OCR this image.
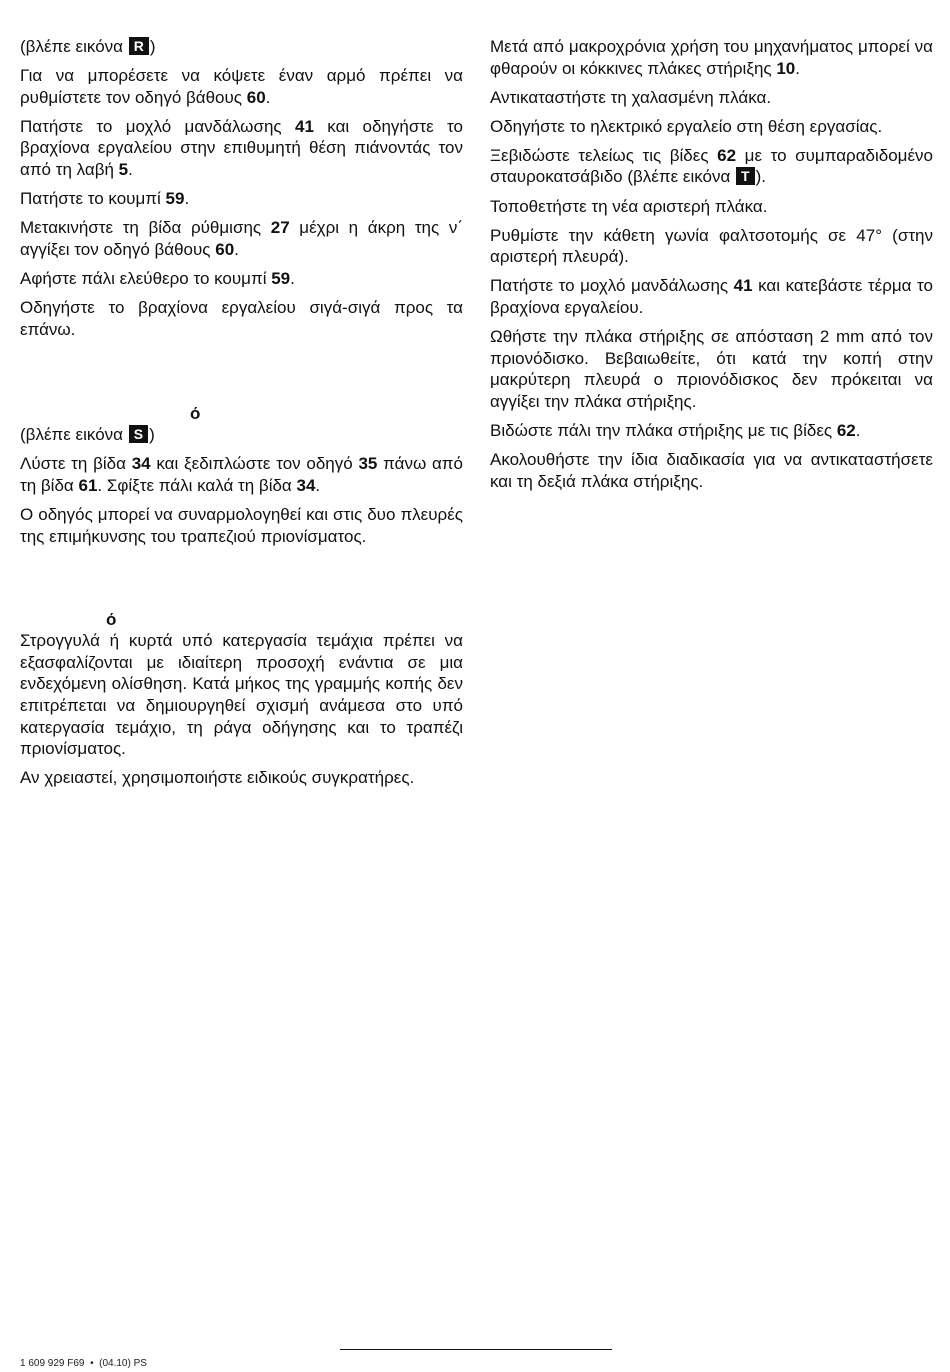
(βλέπε εικόνα R )

Για να μπορέσετε να κόψετε έναν αρμό πρέπει να ρυθμίστετε τον οδηγό βάθους 60.

Πατήστε το μοχλό μανδάλωσης 41 και οδηγήστε το βραχίονα εργαλείου στην επιθυμητή θέση πιάνοντάς τον από τη λαβή 5.

Πατήστε το κουμπί 59.

Μετακινήστε τη βίδα ρύθμισης 27 μέχρι η άκρη της ν΄ αγγίξει τον οδηγό βάθους 60.

Αφήστε πάλι ελεύθερο το κουμπί 59.

Οδηγήστε το βραχίονα εργαλείου σιγά-σιγά προς τα επάνω.

ό

(βλέπε εικόνα S )

Λύστε τη βίδα 34 και ξεδιπλώστε τον οδηγό 35 πάνω από τη βίδα 61. Σφίξτε πάλι καλά τη βίδα 34.

Ο οδηγός μπορεί να συναρμολογηθεί και στις δυο πλευρές της επιμήκυνσης του τραπεζιού πριονίσματος.

ό

Στρογγυλά ή κυρτά υπό κατεργασία τεμάχια πρέπει να εξασφαλίζονται με ιδιαίτερη προσοχή ενάντια σε μια ενδεχόμενη ολίσθηση. Κατά μήκος της γραμμής κοπής δεν επιτρέπεται να δημιουργηθεί σχισμή ανάμεσα στο υπό κατεργασία τεμάχιο, τη ράγα οδήγησης και το τραπέζι πριονίσματος.

Αν χρειαστεί, χρησιμοποιήστε ειδικούς συγκρατήρες.

Μετά από μακροχρόνια χρήση του μηχανήματος μπορεί να φθαρούν οι κόκκινες πλάκες στήριξης 10.

Αντικαταστήστε τη χαλασμένη πλάκα.

Οδηγήστε το ηλεκτρικό εργαλείο στη θέση εργασίας.

Ξεβιδώστε τελείως τις βίδες 62 με το συμπαραδιδομένο σταυροκατσάβιδο (βλέπε εικόνα T ).

Τοποθετήστε τη νέα αριστερή πλάκα.

Ρυθμίστε την κάθετη γωνία φαλτσοτομής σε 47° (στην αριστερή πλευρά).

Πατήστε το μοχλό μανδάλωσης 41 και κατεβάστε τέρμα το βραχίονα εργαλείου.

Ωθήστε την πλάκα στήριξης σε απόσταση 2 mm από τον πριονόδισκο. Βεβαιωθείτε, ότι κατά την κοπή στην μακρύτερη πλευρά ο πριονόδισκος δεν πρόκειται να αγγίξει την πλάκα στήριξης.

Βιδώστε πάλι την πλάκα στήριξης με τις βίδες 62.

Ακολουθήστε την ίδια διαδικασία για να αντικαταστήσετε και τη δεξιά πλάκα στήριξης.

1 609 929 F69 • (04.10) PS
